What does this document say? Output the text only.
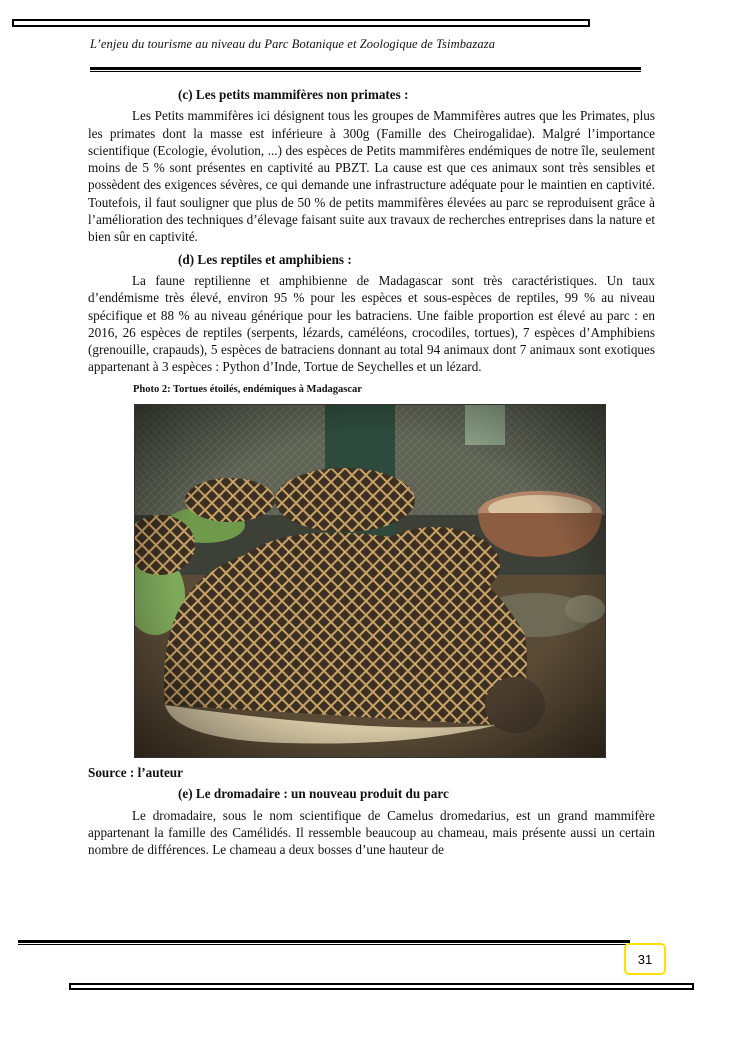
L’enjeu du tourisme au niveau du Parc Botanique et Zoologique de Tsimbazaza

(c) Les petits mammifères non primates :

Les Petits mammifères ici désignent tous les groupes de Mammifères autres que les Primates, plus les primates dont la masse est inférieure à 300g (Famille des Cheirogalidae). Malgré l’importance scientifique (Ecologie, évolution, ...) des espèces de Petits mammifères endémiques de notre île, seulement moins de 5 % sont présentes en captivité au PBZT. La cause est que ces animaux sont très sensibles et possèdent des exigences sévères, ce qui demande une infrastructure adéquate pour le maintien en captivité. Toutefois, il faut souligner que plus de 50 % de petits mammifères élevées au parc se reproduisent grâce à l’amélioration des techniques d’élevage faisant suite aux travaux de recherches entreprises dans la nature et bien sûr en captivité.

(d) Les reptiles et amphibiens :

La faune reptilienne et amphibienne de Madagascar sont très caractéristiques. Un taux d’endémisme très élevé, environ 95 % pour les espèces et sous-espèces de reptiles, 99 % au niveau spécifique et 88 % au niveau générique pour les batraciens. Une faible proportion est élevé au parc : en 2016, 26 espèces de reptiles (serpents, lézards, caméléons, crocodiles, tortues), 7 espèces d’Amphibiens (grenouille, crapauds), 5 espèces de batraciens donnant au total 94 animaux dont 7 animaux sont exotiques appartenant à 3 espèces : Python d’Inde, Tortue de Seychelles et un lézard.

Photo 2: Tortues étoilés, endémiques à Madagascar

Source : l’auteur

(e) Le dromadaire : un nouveau produit du parc

Le dromadaire, sous le nom scientifique de Camelus dromedarius, est un grand mammifère appartenant la famille des Camélidés. Il ressemble beaucoup au chameau, mais présente aussi un certain nombre de différences. Le chameau a deux bosses d’une hauteur de

31
